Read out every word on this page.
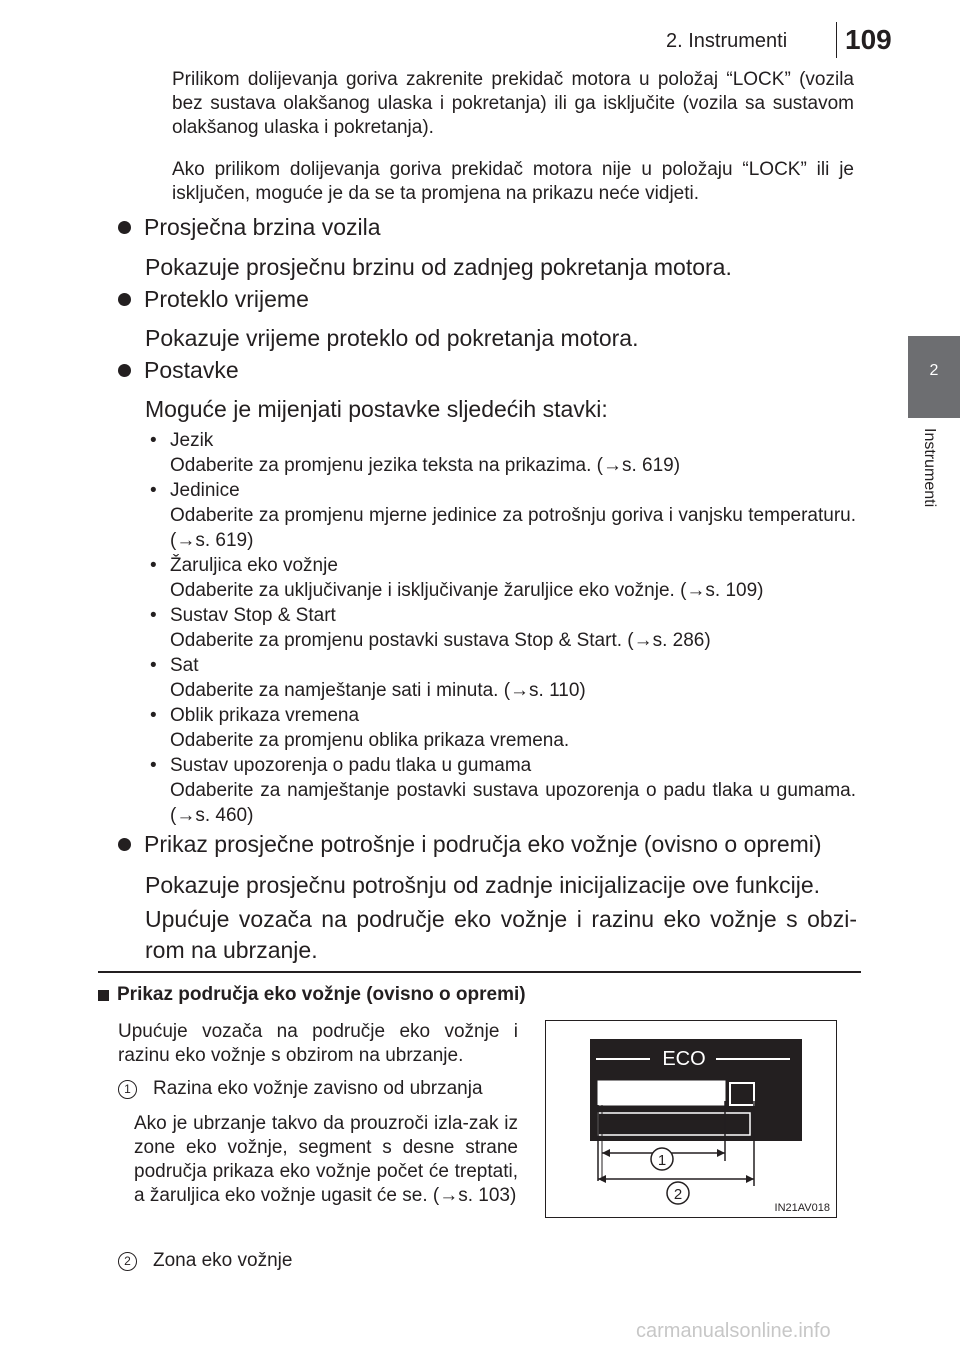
2. Instrumenti 109
2
Instrumenti
Prilikom dolijevanja goriva zakrenite prekidač motora u položaj “LOCK” (vozila bez sustava olakšanog ulaska i pokretanja) ili ga isključite (vozila sa sustavom olakšanog ulaska i pokretanja).
Ako prilikom dolijevanja goriva prekidač motora nije u položaju “LOCK” ili je isključen, moguće je da se ta promjena na prikazu neće vidjeti.
Prosječna brzina vozila
Pokazuje prosječnu brzinu od zadnjeg pokretanja motora.
Proteklo vrijeme
Pokazuje vrijeme proteklo od pokretanja motora.
Postavke
Moguće je mijenjati postavke sljedećih stavki:
• Jezik
Odaberite za promjenu jezika teksta na prikazima. (→s. 619)
• Jedinice
Odaberite za promjenu mjerne jedinice za potrošnju goriva i vanjsku temperaturu. (→s. 619)
• Žaruljica eko vožnje
Odaberite za uključivanje i isključivanje žaruljice eko vožnje. (→s. 109)
• Sustav Stop & Start
Odaberite za promjenu postavki sustava Stop & Start. (→s. 286)
• Sat
Odaberite za namještanje sati i minuta. (→s. 110)
• Oblik prikaza vremena
Odaberite za promjenu oblika prikaza vremena.
• Sustav upozorenja o padu tlaka u gumama
Odaberite za namještanje postavki sustava upozorenja o padu tlaka u gumama. (→s. 460)
Prikaz prosječne potrošnje i područja eko vožnje (ovisno o opremi)
Pokazuje prosječnu potrošnju od zadnje inicijalizacije ove funkcije.
Upućuje vozača na područje eko vožnje i razinu eko vožnje s obzi-rom na ubrzanje.
Prikaz područja eko vožnje (ovisno o opremi)
Upućuje vozača na područje eko vožnje i razinu eko vožnje s obzirom na ubrzanje.
1	Razina eko vožnje zavisno od ubrzanja
Ako je ubrzanje takvo da prouzroči izla-zak iz zone eko vožnje, segment s desne strane područja prikaza eko vožnje počet će treptati, a žaruljica eko vožnje ugasit će se. (→s. 103)
2	Zona eko vožnje
ECO
1
2
IN21AV018
carmanualsonline.info
